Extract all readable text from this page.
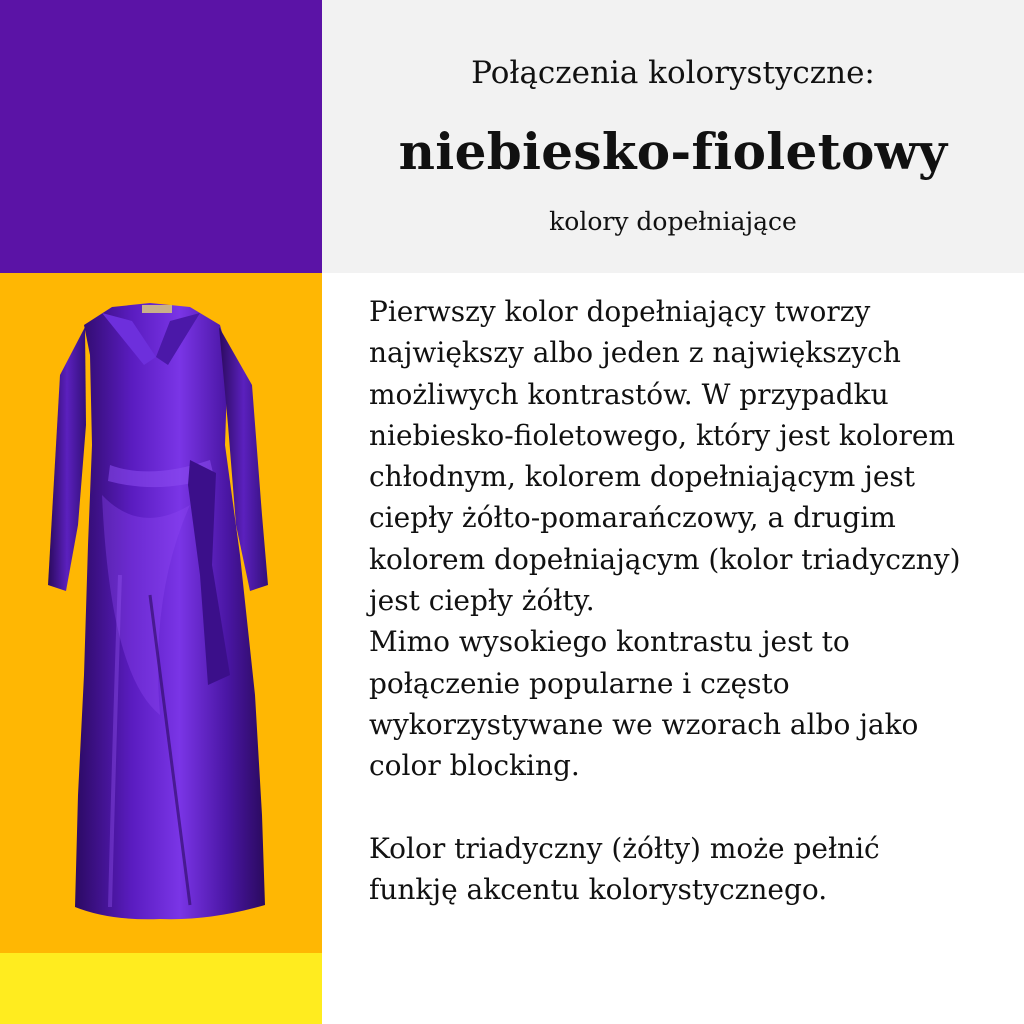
Połączenia kolorystyczne:
niebiesko-fioletowy
kolory dopełniające

Pierwszy kolor dopełniający tworzy

największy albo jeden z największych

możliwych kontrastów. W przypadku

niebiesko-fioletowego, który jest kolorem

chłodnym, kolorem dopełniającym jest

ciepły żółto-pomarańczowy, a drugim

kolorem dopełniającym (kolor triadyczny)

jest ciepły żółty.

Mimo wysokiego kontrastu jest to

połączenie popularne i często

wykorzystywane we wzorach albo jako

color blocking.

Kolor triadyczny (żółty) może pełnić

funkję akcentu kolorystycznego.
